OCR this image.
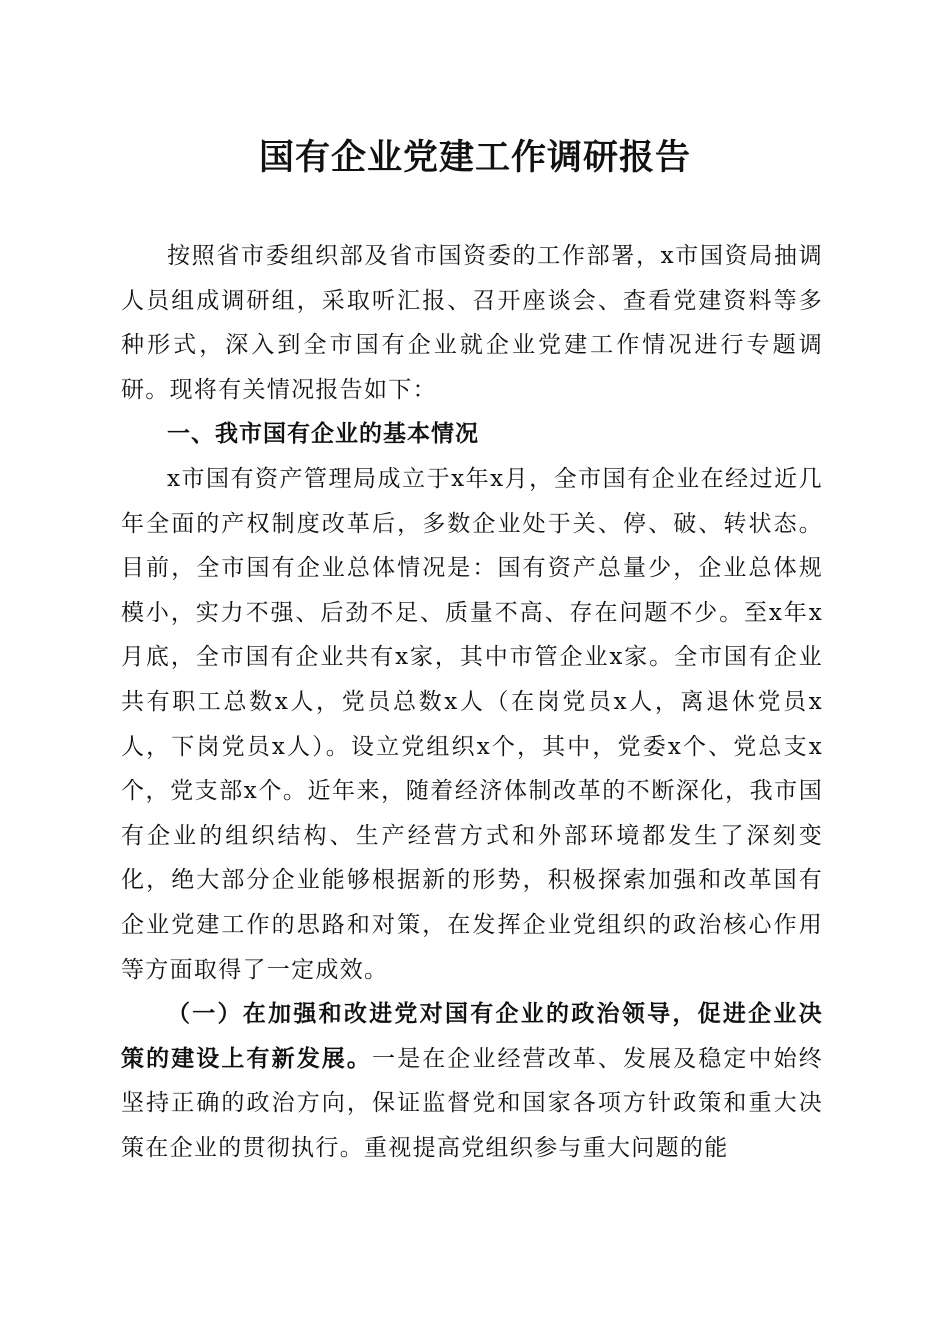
国有企业党建工作调研报告

按照省市委组织部及省市国资委的工作部署，x市国资局抽调人员组成调研组，采取听汇报、召开座谈会、查看党建资料等多种形式，深入到全市国有企业就企业党建工作情况进行专题调研。现将有关情况报告如下：

一、我市国有企业的基本情况

x市国有资产管理局成立于x年x月，全市国有企业在经过近几年全面的产权制度改革后，多数企业处于关、停、破、转状态。目前，全市国有企业总体情况是：国有资产总量少，企业总体规模小，实力不强、后劲不足、质量不高、存在问题不少。至x年x月底，全市国有企业共有x家，其中市管企业x家。全市国有企业共有职工总数x人，党员总数x人（在岗党员x人，离退休党员x人，下岗党员x人）。设立党组织x个，其中，党委x个、党总支x个，党支部x个。近年来，随着经济体制改革的不断深化，我市国有企业的组织结构、生产经营方式和外部环境都发生了深刻变化，绝大部分企业能够根据新的形势，积极探索加强和改革国有企业党建工作的思路和对策，在发挥企业党组织的政治核心作用等方面取得了一定成效。

（一）在加强和改进党对国有企业的政治领导，促进企业决策的建设上有新发展。一是在企业经营改革、发展及稳定中始终坚持正确的政治方向，保证监督党和国家各项方针政策和重大决策在企业的贯彻执行。重视提高党组织参与重大问题的能
